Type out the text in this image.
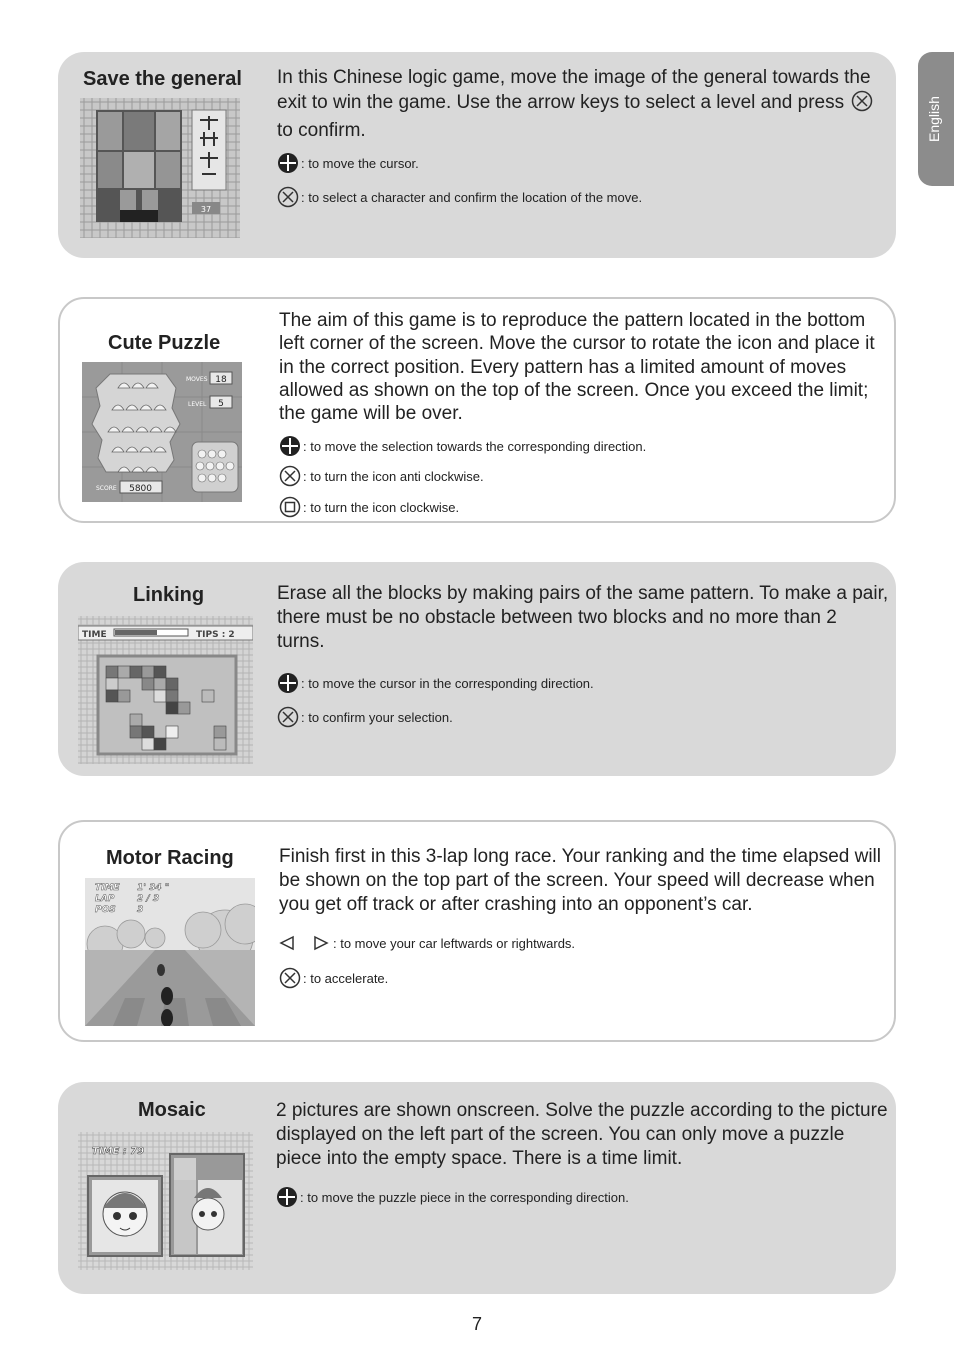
English
Save the general
37
In this Chinese logic game, move the image of the general towards the exit to win the game. Use the arrow keys to select a level and press  to confirm.
: to move the cursor.
: to select a character and confirm the location of the move.
Cute Puzzle
MOVES 18
LEVEL 5
SCORE 5800
The aim of this game is to reproduce the pattern located in the bottom left corner of the screen. Move the cursor to rotate the icon and place it in the correct position. Every pattern has a limited amount of moves allowed as shown on the top of the screen. Once you exceed the limit; the game will be over.
: to move the selection towards the corresponding direction.
: to turn the icon anti clockwise.
: to turn the icon clockwise.
Linking
TIME	TIPS : 2
Erase all the blocks by making pairs of the same pattern. To make a pair, there must be no obstacle between two blocks and no more than 2 turns.
: to move the cursor in the corresponding direction.
: to confirm your selection.
Motor Racing
TIME 1' 34 "
LAP	2 / 3
POS 3
Finish first in this 3-lap long race. Your ranking and the time elapsed will be shown on the top part of the screen. Your speed will decrease when you get off track or after crashing into an opponent’s car.
: to move your car leftwards or rightwards.
: to accelerate.
Mosaic
TIME : 79
2 pictures are shown onscreen. Solve the puzzle according to the picture displayed on the left part of the screen. You can only move a puzzle piece into the empty space. There is a time limit.
: to move the puzzle piece in the corresponding direction.
7
